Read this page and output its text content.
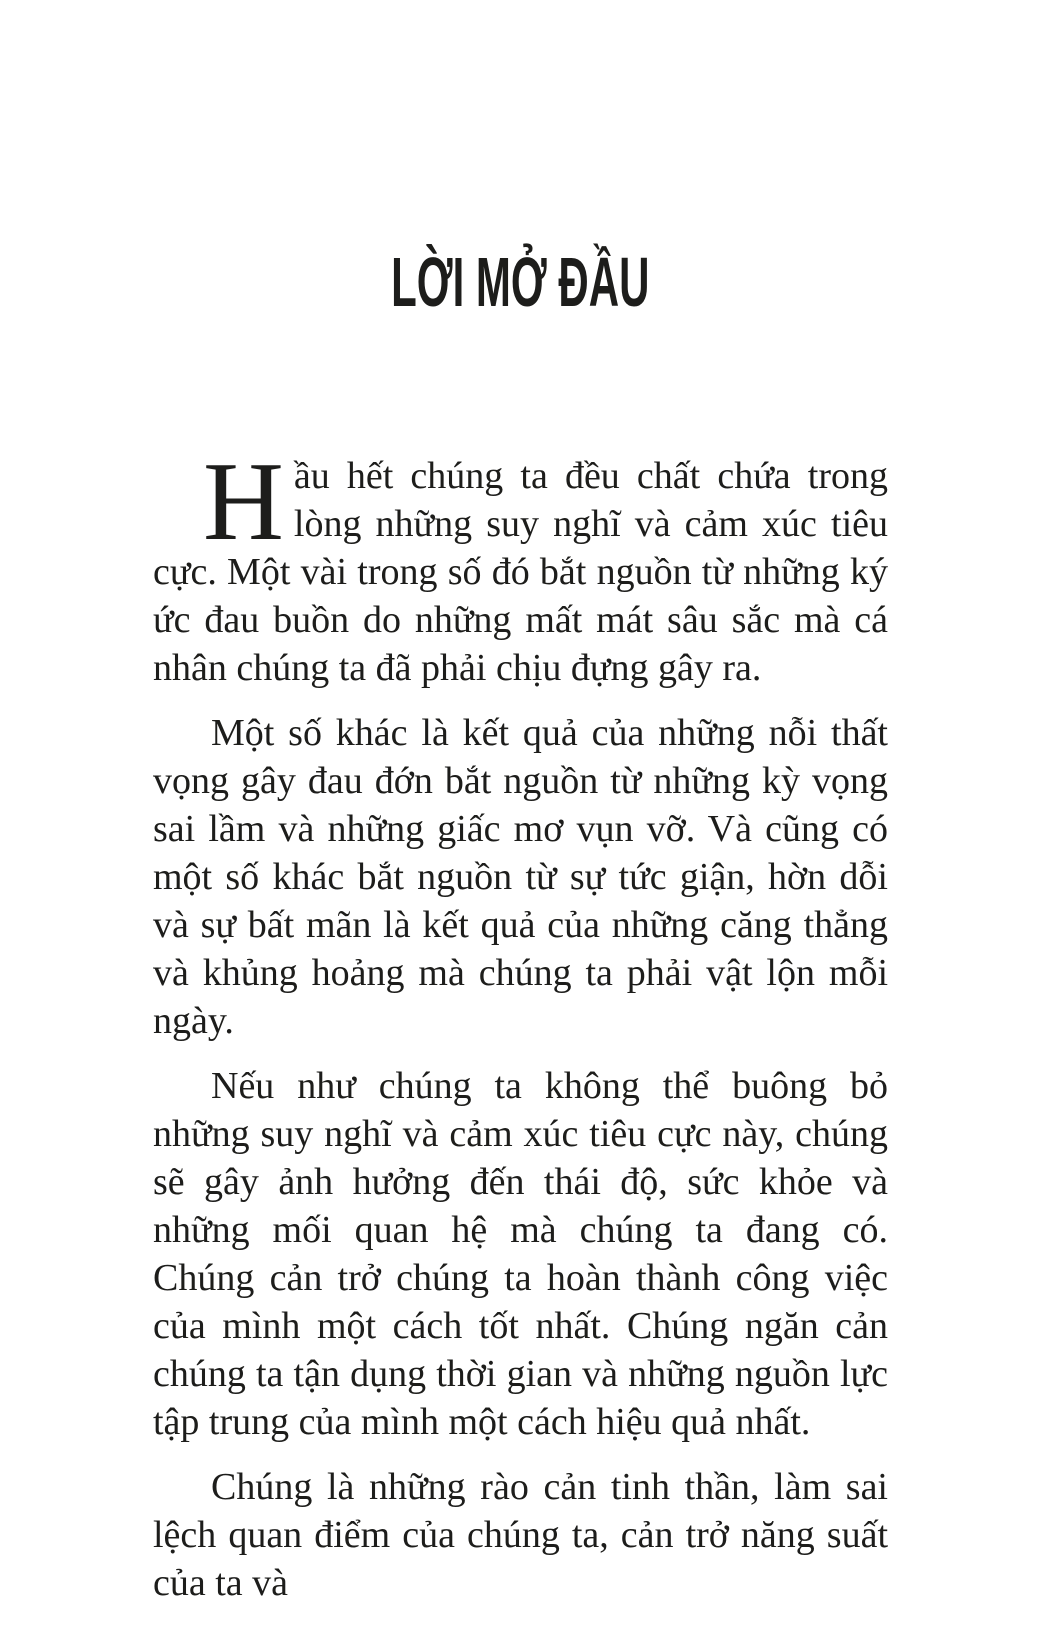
LỜI MỞ ĐẦU

Hầu hết chúng ta đều chất chứa trong lòng những suy nghĩ và cảm xúc tiêu cực. Một vài trong số đó bắt nguồn từ những ký ức đau buồn do những mất mát sâu sắc mà cá nhân chúng ta đã phải chịu đựng gây ra.

Một số khác là kết quả của những nỗi thất vọng gây đau đớn bắt nguồn từ những kỳ vọng sai lầm và những giấc mơ vụn vỡ. Và cũng có một số khác bắt nguồn từ sự tức giận, hờn dỗi và sự bất mãn là kết quả của những căng thẳng và khủng hoảng mà chúng ta phải vật lộn mỗi ngày.

Nếu như chúng ta không thể buông bỏ những suy nghĩ và cảm xúc tiêu cực này, chúng sẽ gây ảnh hưởng đến thái độ, sức khỏe và những mối quan hệ mà chúng ta đang có. Chúng cản trở chúng ta hoàn thành công việc của mình một cách tốt nhất. Chúng ngăn cản chúng ta tận dụng thời gian và những nguồn lực tập trung của mình một cách hiệu quả nhất.

Chúng là những rào cản tinh thần, làm sai lệch quan điểm của chúng ta, cản trở năng suất của ta và
